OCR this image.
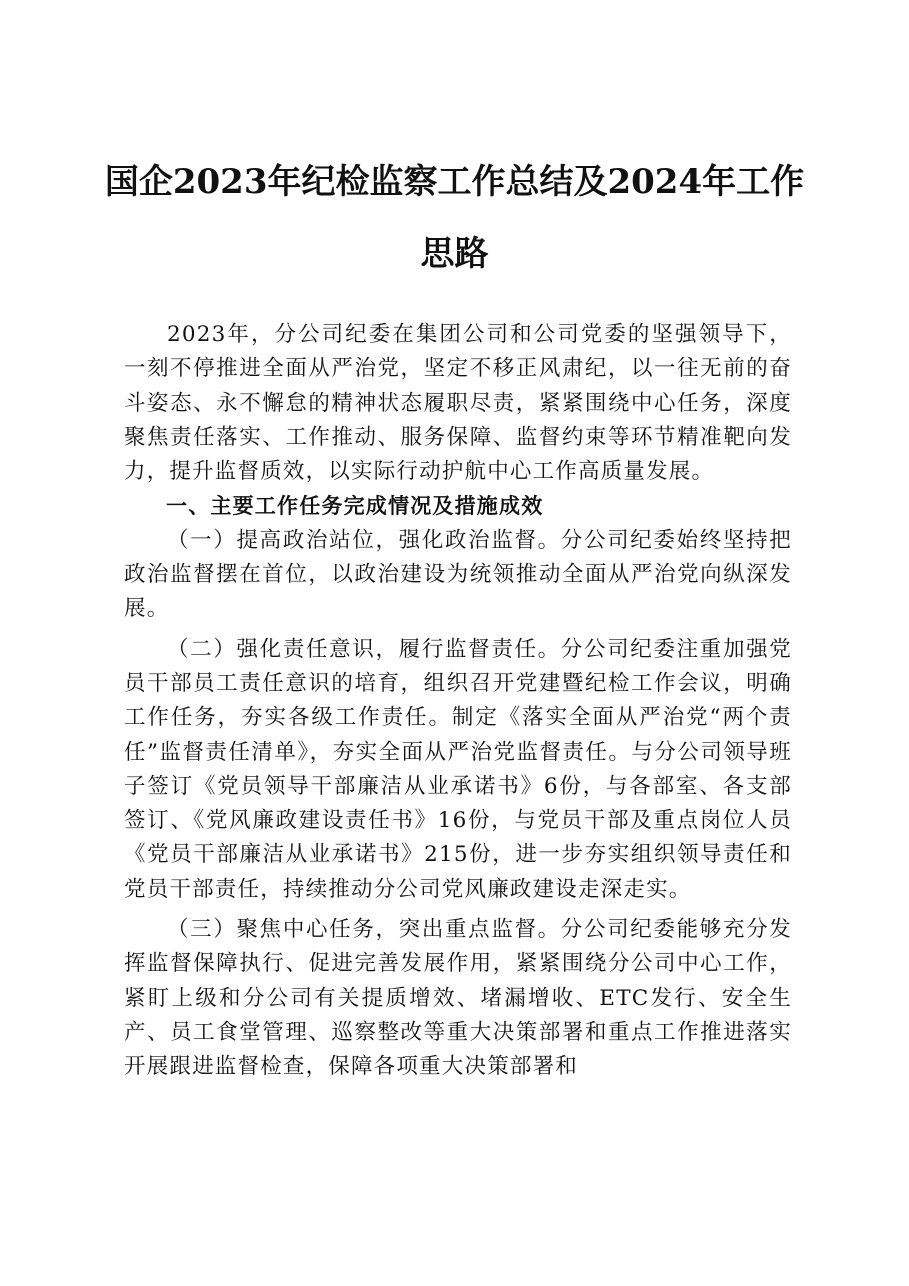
国企2023年纪检监察工作总结及2024年工作思路

2023年，分公司纪委在集团公司和公司党委的坚强领导下，一刻不停推进全面从严治党，坚定不移正风肃纪，以一往无前的奋斗姿态、永不懈怠的精神状态履职尽责，紧紧围绕中心任务，深度聚焦责任落实、工作推动、服务保障、监督约束等环节精准靶向发力，提升监督质效，以实际行动护航中心工作高质量发展。

一、主要工作任务完成情况及措施成效

（一）提高政治站位，强化政治监督。分公司纪委始终坚持把政治监督摆在首位，以政治建设为统领推动全面从严治党向纵深发展。

（二）强化责任意识，履行监督责任。分公司纪委注重加强党员干部员工责任意识的培育，组织召开党建暨纪检工作会议，明确工作任务，夯实各级工作责任。制定《落实全面从严治党“两个责任”监督责任清单》，夯实全面从严治党监督责任。与分公司领导班子签订《党员领导干部廉洁从业承诺书》6份，与各部室、各支部签订、《党风廉政建设责任书》16份，与党员干部及重点岗位人员《党员干部廉洁从业承诺书》215份，进一步夯实组织领导责任和党员干部责任，持续推动分公司党风廉政建设走深走实。

（三）聚焦中心任务，突出重点监督。分公司纪委能够充分发挥监督保障执行、促进完善发展作用，紧紧围绕分公司中心工作，紧盯上级和分公司有关提质增效、堵漏增收、ETC发行、安全生产、员工食堂管理、巡察整改等重大决策部署和重点工作推进落实开展跟进监督检查，保障各项重大决策部署和
